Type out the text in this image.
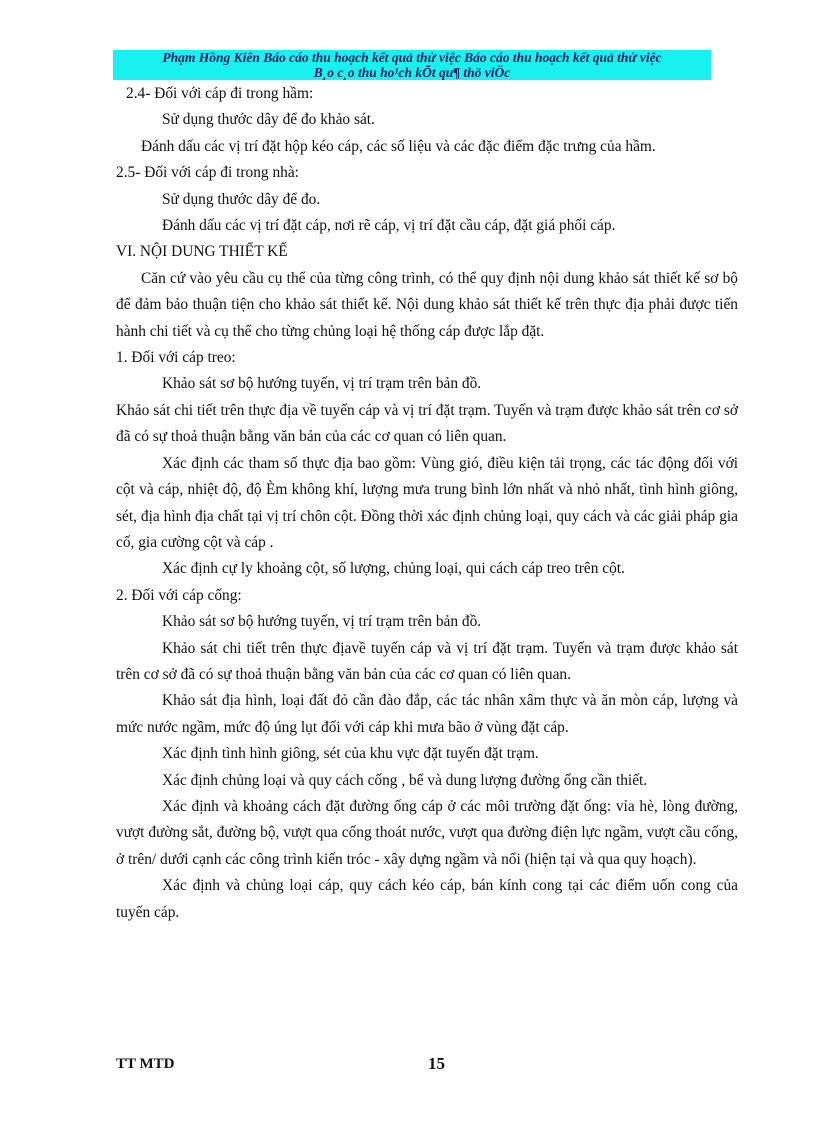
Phạm Hồng Kiên Báo cáo thu hoạch kết quả thử việc Báo cáo thu hoạch kết quả thử việc
B¸o c¸o thu ho¹ch kÕt qu¶ thö viÖc

2.4- Đối với cáp đi trong hầm:

Sử dụng thước dây để đo khảo sát.

Đánh dấu các vị trí đặt hộp kéo cáp, các số liệu và các đặc điểm đặc trưng của hầm.

2.5- Đối với cáp đi trong nhà:

Sử dụng thước dây để đo.

Đánh dấu các vị trí đặt cáp, nơi rẽ cáp, vị trí đặt cầu cáp, đặt giá phối cáp.

VI. NỘI DUNG THIẾT KẾ

Căn cứ vào yêu cầu cụ thể của từng công trình, có thể quy định nội dung khảo sát thiết kế sơ bộ để đảm bảo thuận tiện cho khảo sát thiết kế. Nội dung khảo sát thiết kế trên thực địa phải được tiến hành chi tiết và cụ thể cho từng chủng loại hệ thống cáp được lắp đặt.

1. Đối với cáp treo:

Khảo sát sơ bộ hướng tuyến, vị trí trạm trên bản đồ.

Khảo sát chi tiết trên thực địa về tuyến cáp và vị trí đặt trạm. Tuyến và trạm được khảo sát trên cơ sở đã có sự thoả thuận bằng văn bản của các cơ quan có liên quan.

Xác định các tham số thực địa bao gồm: Vùng gió, điều kiện tải trọng, các tác động đối với cột và cáp, nhiệt độ, độ Èm không khí, lượng mưa trung bình lớn nhất và nhỏ nhất, tình hình giông, sét, địa hình địa chất tại vị trí chôn cột. Đồng thời xác định chủng loại, quy cách và các giải pháp gia cố, gia cường cột và cáp .

Xác định cự ly khoảng cột, số lượng, chủng loại, qui cách cáp treo trên cột.

2. Đối với cáp cống:

Khảo sát sơ bộ hướng tuyến, vị trí trạm trên bản đồ.

Khảo sát chi tiết trên thực địavề tuyến cáp và vị trí đặt trạm. Tuyến và trạm được khảo sát trên cơ sở đã có sự thoả thuận bằng văn bản của các cơ quan có liên quan.

Khảo sát địa hình, loại đất đỏ cần đào đắp, các tác nhân xâm thực và ăn mòn cáp, lượng và mức nước ngầm, mức độ úng lụt đối với cáp khi mưa bão ở vùng đặt cáp.

Xác định tình hình giông, sét của khu vực đặt tuyến đặt trạm.

Xác định chủng loại và quy cách cống , bể và dung lượng đường ống cần thiết.

Xác định và khoảng cách đặt đường ống cáp ở các môi trường đặt ống: vỉa hè, lòng đường, vượt đường sắt, đường bộ, vượt qua cống thoát nước, vượt qua đường điện lực ngầm, vượt cầu cống, ở trên/ dưới cạnh các công trình kiến tróc - xây dựng ngầm và nổi (hiện tại và qua quy hoạch).

Xác định và chủng loại cáp, quy cách kéo cáp, bán kính cong tại các điểm uốn cong của tuyến cáp.

TT MTD	15
